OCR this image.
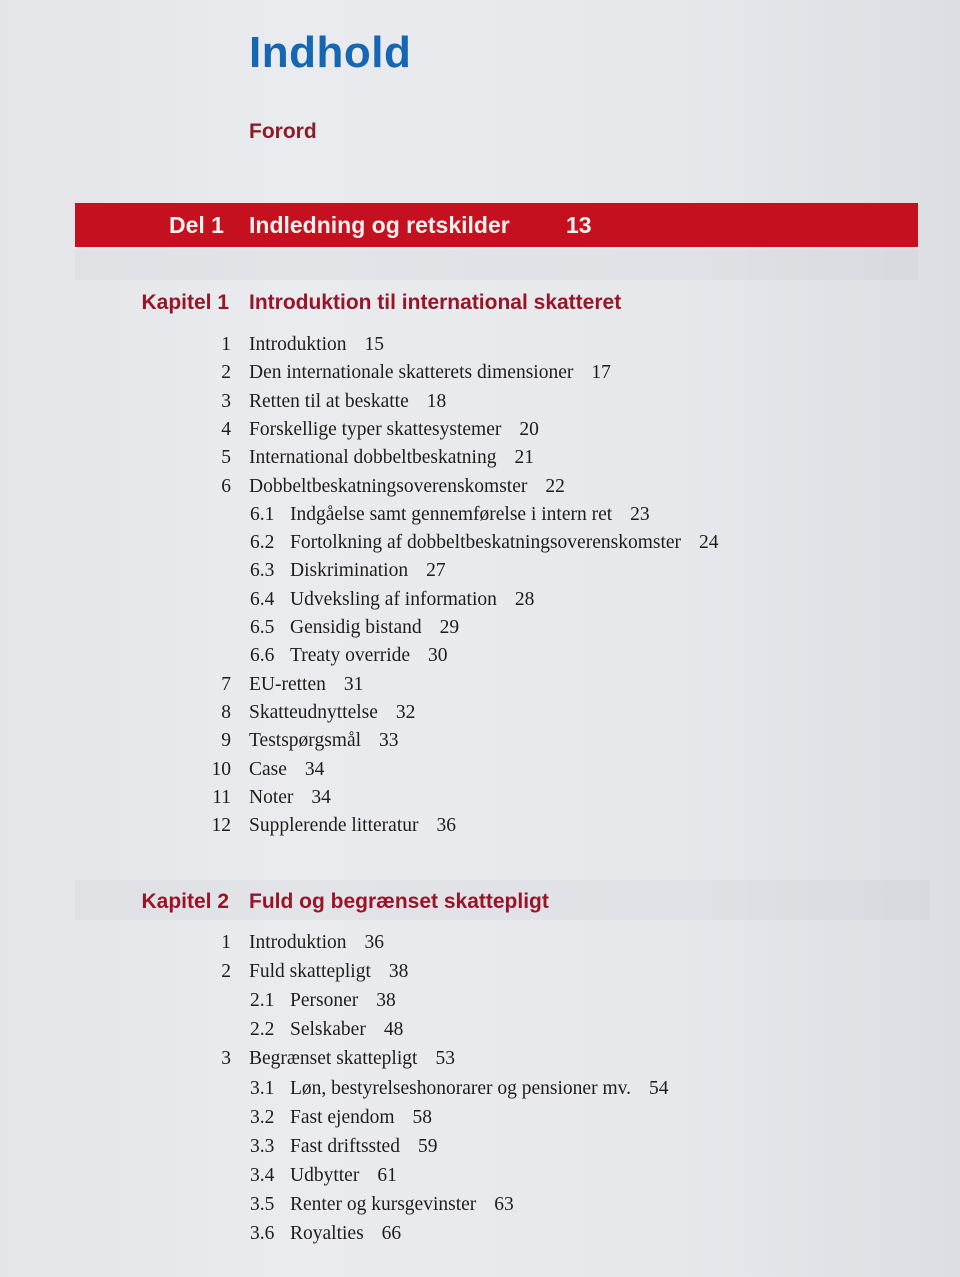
Indhold
Forord
Del 1 Indledning og retskilder 13
Kapitel 1 Introduktion til international skatteret
1 Introduktion 15
2 Den internationale skatterets dimensioner 17
3 Retten til at beskatte 18
4 Forskellige typer skattesystemer 20
5 International dobbeltbeskatning 21
6 Dobbeltbeskatningsoverenskomster 22
6.1 Indgåelse samt gennemførelse i intern ret 23
6.2 Fortolkning af dobbeltbeskatningsoverenskomster 24
6.3 Diskrimination 27
6.4 Udveksling af information 28
6.5 Gensidig bistand 29
6.6 Treaty override 30
7 EU-retten 31
8 Skatteudnyttelse 32
9 Testspørgsmål 33
10 Case 34
11 Noter 34
12 Supplerende litteratur 36
Kapitel 2 Fuld og begrænset skattepligt
1 Introduktion 36
2 Fuld skattepligt 38
2.1 Personer 38
2.2 Selskaber 48
3 Begrænset skattepligt 53
3.1 Løn, bestyrelseshonorarer og pensioner mv. 54
3.2 Fast ejendom 58
3.3 Fast driftssted 59
3.4 Udbytter 61
3.5 Renter og kursgevinster 63
3.6 Royalties 66
